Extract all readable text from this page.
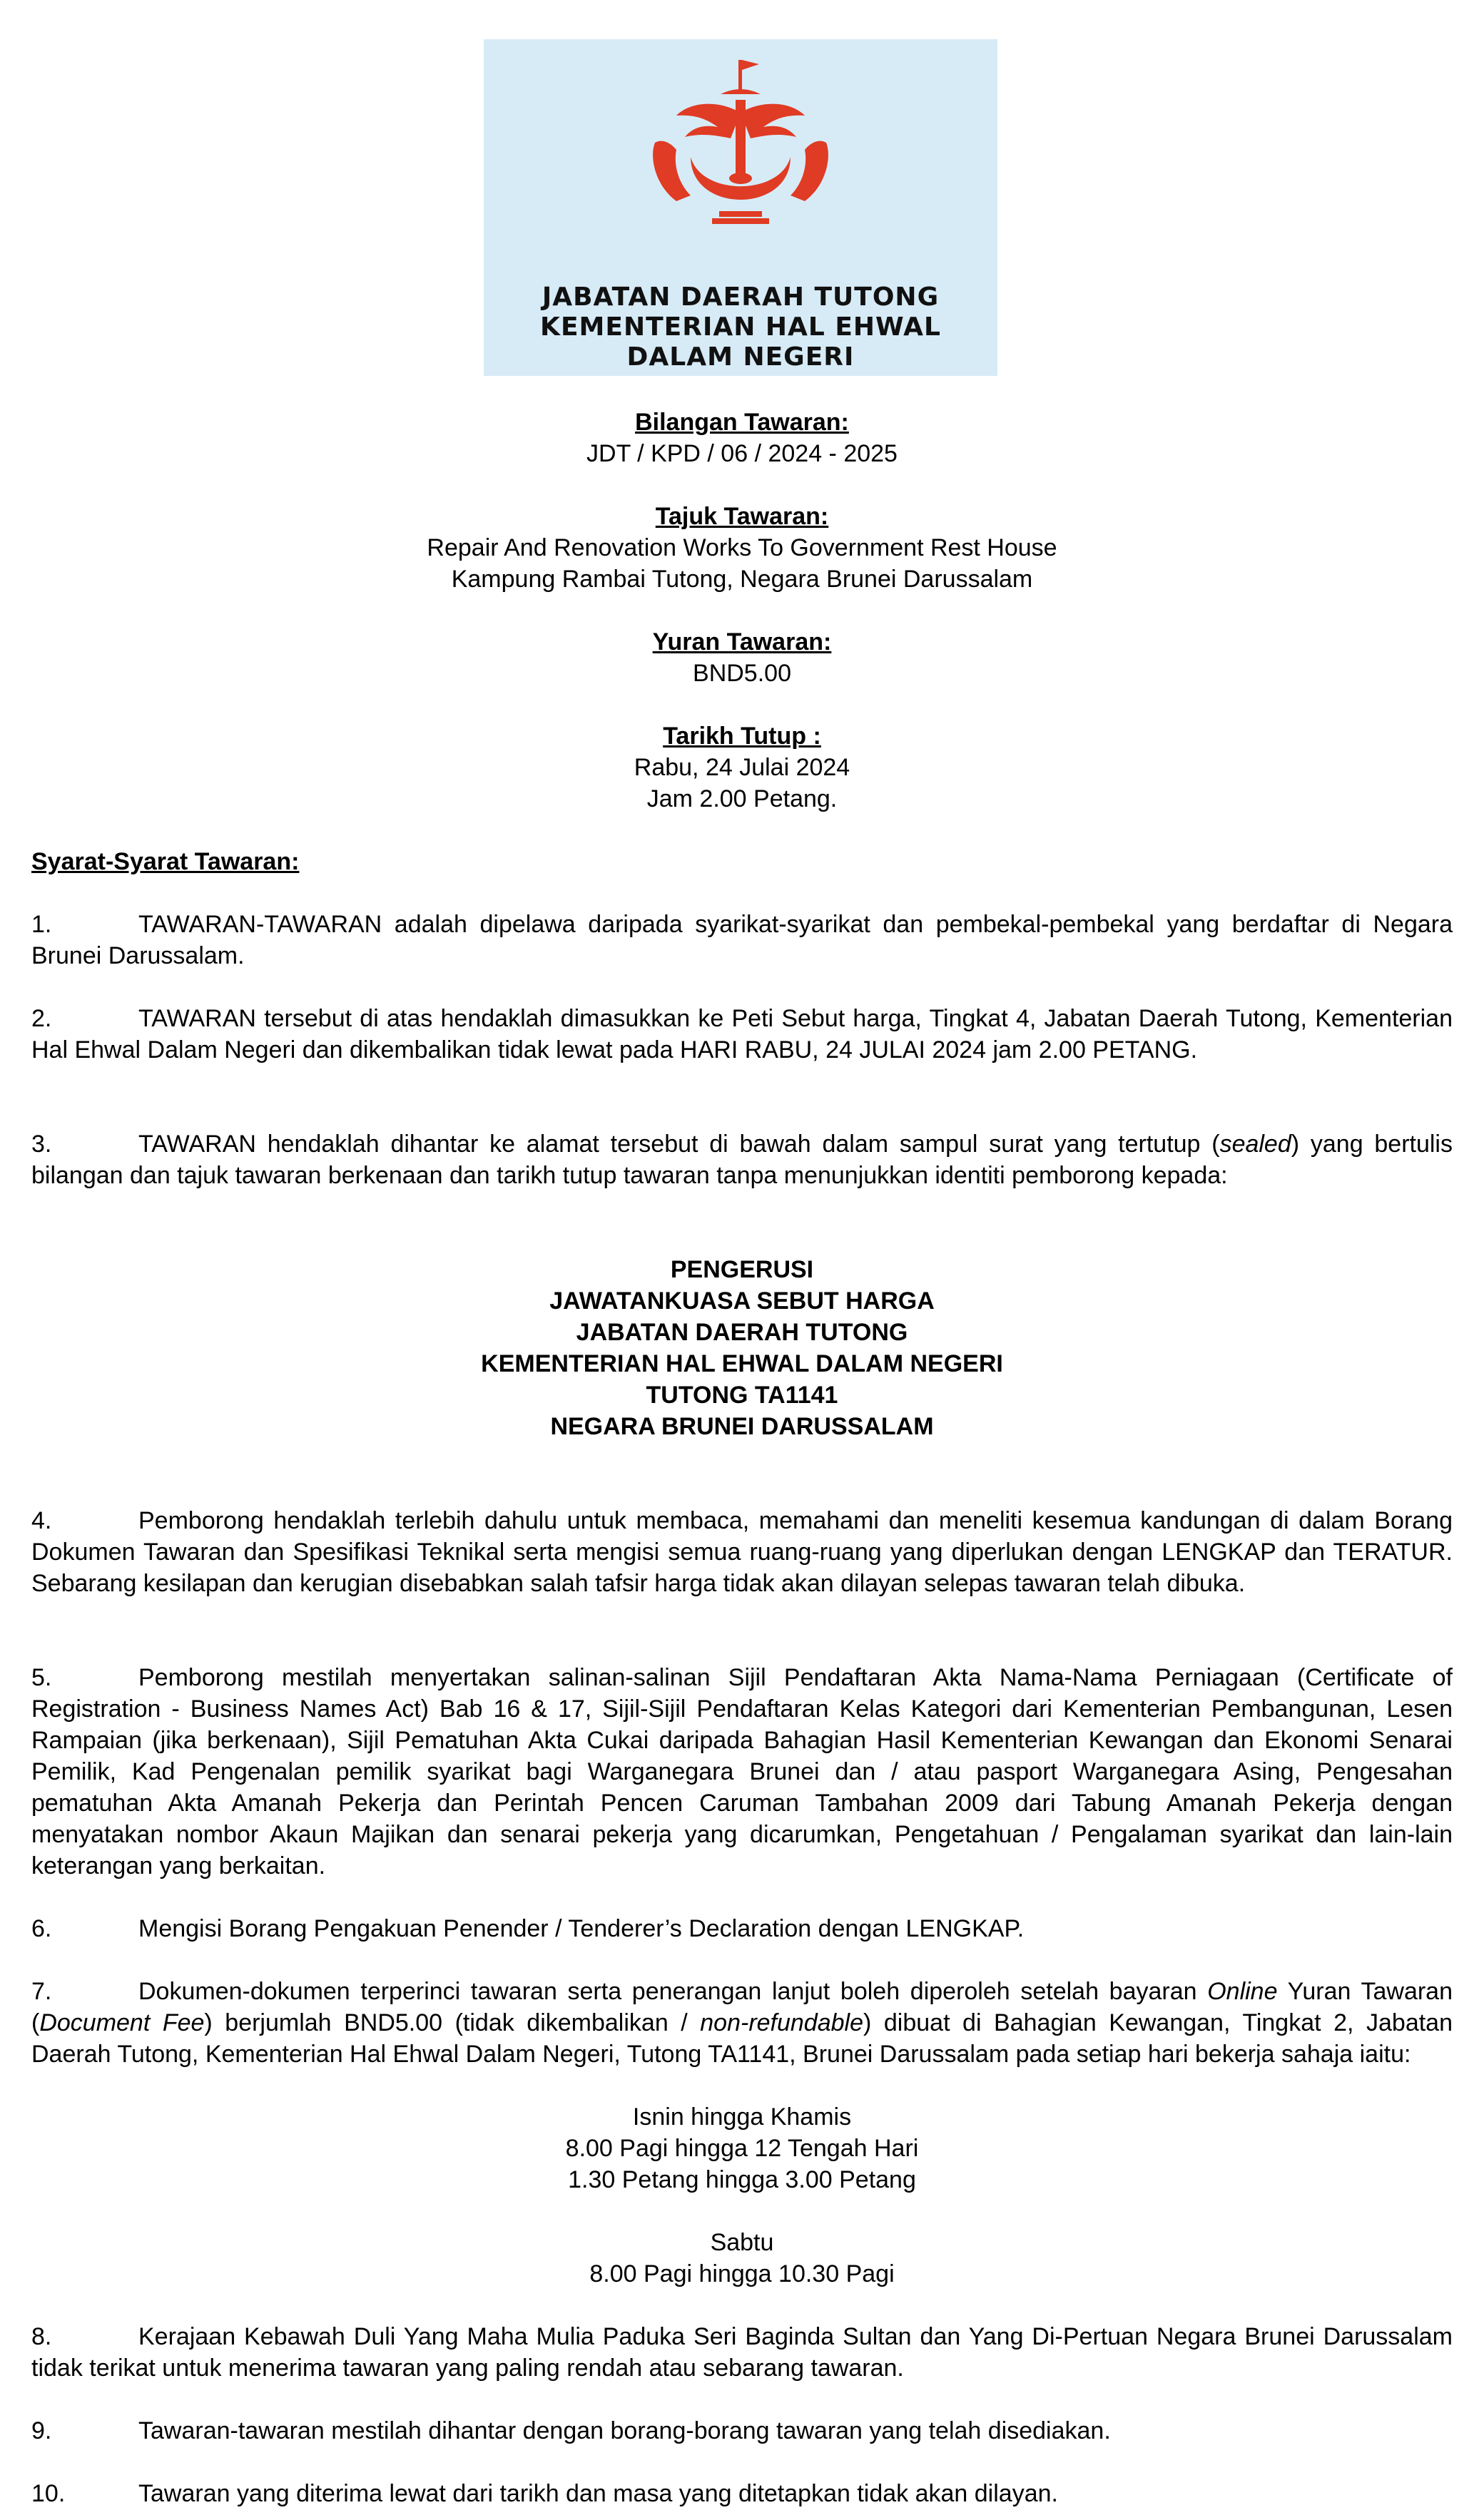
JABATAN DAERAH TUTONG
KEMENTERIAN HAL EHWAL
DALAM NEGERI
Bilangan Tawaran:
JDT / KPD / 06 / 2024 - 2025
Tajuk Tawaran:
Repair And Renovation Works To Government Rest House
Kampung Rambai Tutong, Negara Brunei Darussalam
Yuran Tawaran:
BND5.00
Tarikh Tutup :
Rabu, 24 Julai 2024
Jam 2.00 Petang.
Syarat-Syarat Tawaran:
1.	TAWARAN-TAWARAN adalah dipelawa daripada syarikat-syarikat dan pembekal-pembekal yang berdaftar di Negara Brunei Darussalam.
2.	TAWARAN tersebut di atas hendaklah dimasukkan ke Peti Sebut harga, Tingkat 4, Jabatan Daerah Tutong, Kementerian Hal Ehwal Dalam Negeri dan dikembalikan tidak lewat pada HARI RABU, 24 JULAI 2024 jam 2.00 PETANG.
3.	TAWARAN hendaklah dihantar ke alamat tersebut di bawah dalam sampul surat yang tertutup (sealed) yang bertulis bilangan dan tajuk tawaran berkenaan dan tarikh tutup tawaran tanpa menunjukkan identiti pemborong kepada:
PENGERUSI
JAWATANKUASA SEBUT HARGA
JABATAN DAERAH TUTONG
KEMENTERIAN HAL EHWAL DALAM NEGERI
TUTONG TA1141
NEGARA BRUNEI DARUSSALAM
4.	Pemborong hendaklah terlebih dahulu untuk membaca, memahami dan meneliti kesemua kandungan di dalam Borang Dokumen Tawaran dan Spesifikasi Teknikal serta mengisi semua ruang-ruang yang diperlukan dengan LENGKAP dan TERATUR. Sebarang kesilapan dan kerugian disebabkan salah tafsir harga tidak akan dilayan selepas tawaran telah dibuka.
5.	Pemborong mestilah menyertakan salinan-salinan Sijil Pendaftaran Akta Nama-Nama Perniagaan (Certificate of Registration - Business Names Act) Bab 16 & 17, Sijil-Sijil Pendaftaran Kelas Kategori dari Kementerian Pembangunan, Lesen Rampaian (jika berkenaan), Sijil Pematuhan Akta Cukai daripada Bahagian Hasil Kementerian Kewangan dan Ekonomi Senarai Pemilik, Kad Pengenalan pemilik syarikat bagi Warganegara Brunei dan / atau pasport Warganegara Asing, Pengesahan pematuhan Akta Amanah Pekerja dan Perintah Pencen Caruman Tambahan 2009 dari Tabung Amanah Pekerja dengan menyatakan nombor Akaun Majikan dan senarai pekerja yang dicarumkan, Pengetahuan / Pengalaman syarikat dan lain-lain keterangan yang berkaitan.
6.	Mengisi Borang Pengakuan Penender / Tenderer’s Declaration dengan LENGKAP.
7.	Dokumen-dokumen terperinci tawaran serta penerangan lanjut boleh diperoleh setelah bayaran Online Yuran Tawaran (Document Fee) berjumlah BND5.00 (tidak dikembalikan / non-refundable) dibuat di Bahagian Kewangan, Tingkat 2, Jabatan Daerah Tutong, Kementerian Hal Ehwal Dalam Negeri, Tutong TA1141, Brunei Darussalam pada setiap hari bekerja sahaja iaitu:
Isnin hingga Khamis
8.00 Pagi hingga 12 Tengah Hari
1.30 Petang hingga 3.00 Petang
Sabtu
8.00 Pagi hingga 10.30 Pagi
8.	Kerajaan Kebawah Duli Yang Maha Mulia Paduka Seri Baginda Sultan dan Yang Di-Pertuan Negara Brunei Darussalam tidak terikat untuk menerima tawaran yang paling rendah atau sebarang tawaran.
9.	Tawaran-tawaran mestilah dihantar dengan borang-borang tawaran yang telah disediakan.
10.	Tawaran yang diterima lewat dari tarikh dan masa yang ditetapkan tidak akan dilayan.
